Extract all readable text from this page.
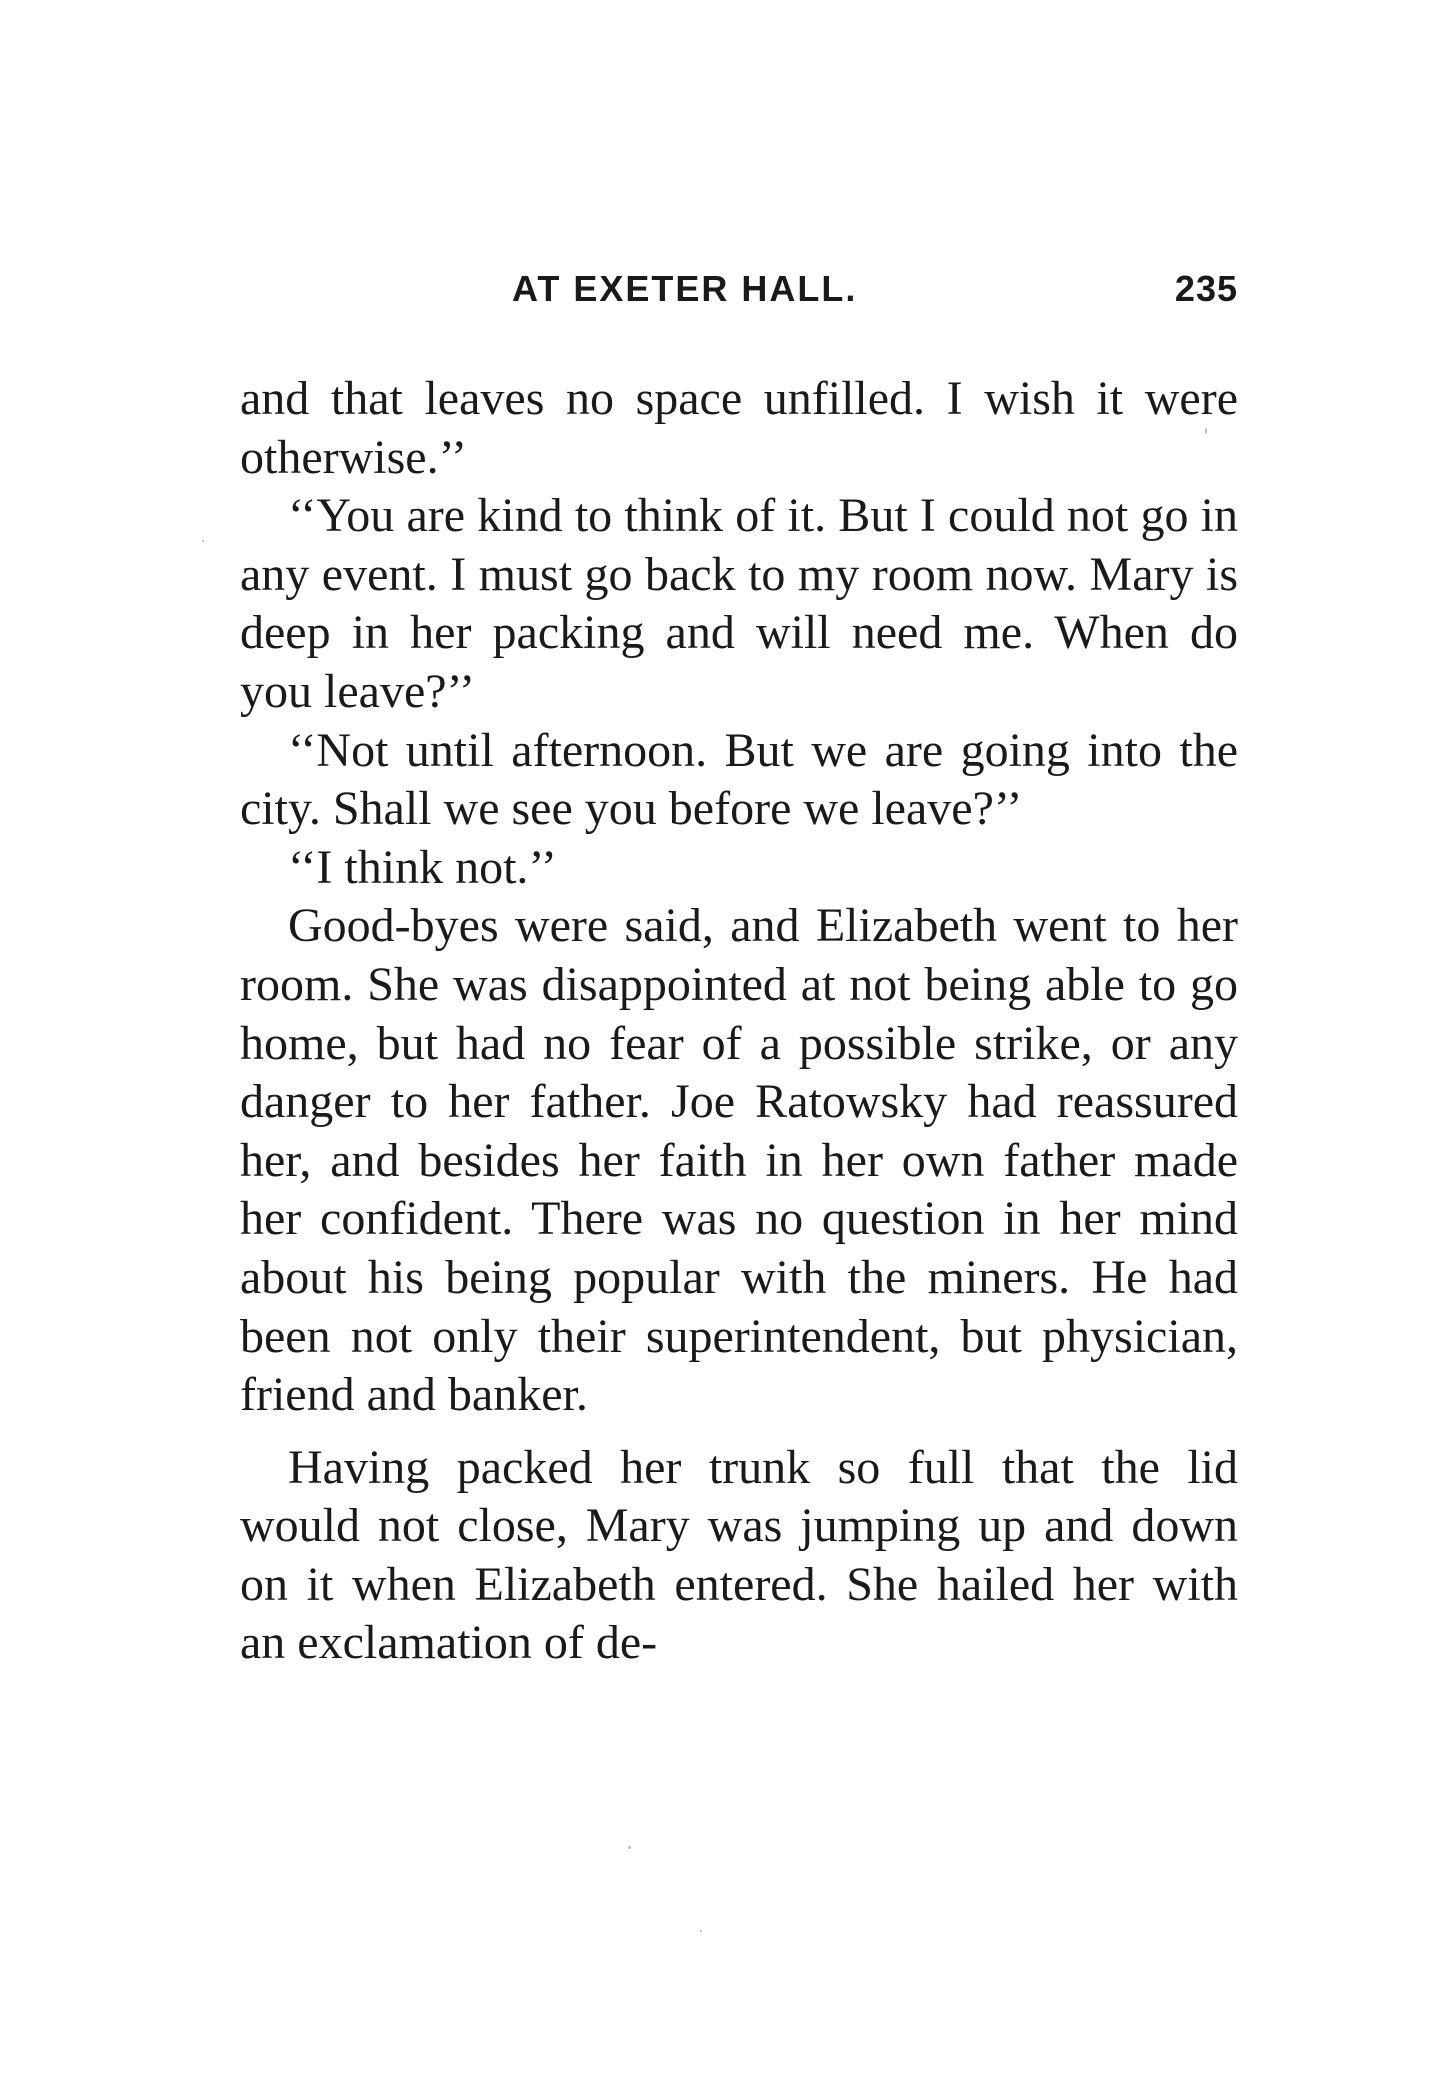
AT EXETER HALL.	235

and that leaves no space unfilled. I wish it were otherwise.’’

‘‘You are kind to think of it. But I could not go in any event. I must go back to my room now. Mary is deep in her packing and will need me. When do you leave?’’

‘‘Not until afternoon. But we are going into the city. Shall we see you before we leave?’’

‘‘I think not.’’

Good-byes were said, and Elizabeth went to her room. She was disappointed at not being able to go home, but had no fear of a possible strike, or any danger to her father. Joe Ratowsky had reassured her, and besides her faith in her own father made her confident. There was no question in her mind about his being popular with the miners. He had been not only their superintendent, but physician, friend and banker.

Having packed her trunk so full that the lid would not close, Mary was jumping up and down on it when Elizabeth entered. She hailed her with an exclamation of de-
